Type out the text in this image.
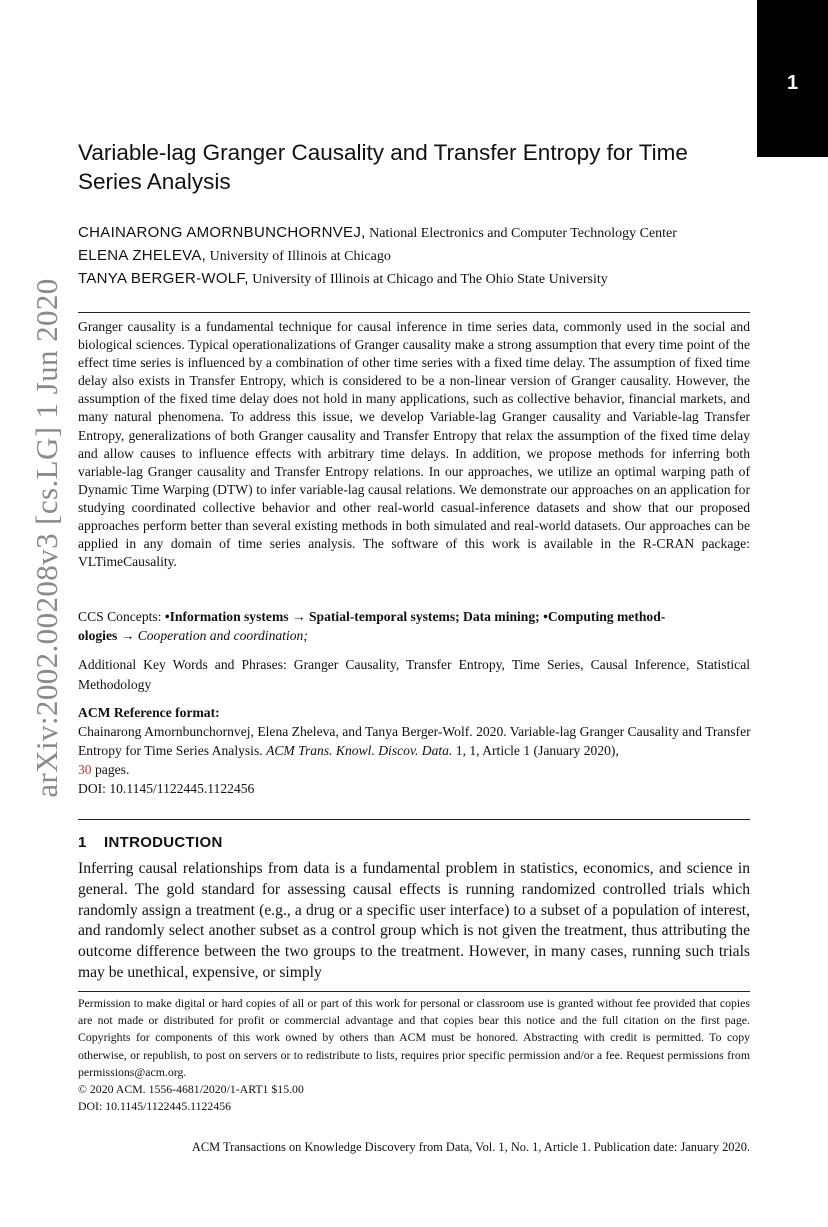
1
arXiv:2002.00208v3 [cs.LG] 1 Jun 2020
Variable-lag Granger Causality and Transfer Entropy for Time Series Analysis
CHAINARONG AMORNBUNCHORNVEJ, National Electronics and Computer Technology Center
ELENA ZHELEVA, University of Illinois at Chicago
TANYA BERGER-WOLF, University of Illinois at Chicago and The Ohio State University

Granger causality is a fundamental technique for causal inference in time series data, commonly used in the social and biological sciences. Typical operationalizations of Granger causality make a strong assumption that every time point of the effect time series is influenced by a combination of other time series with a fixed time delay. The assumption of fixed time delay also exists in Transfer Entropy, which is considered to be a non-linear version of Granger causality. However, the assumption of the fixed time delay does not hold in many applications, such as collective behavior, financial markets, and many natural phenomena. To address this issue, we develop Variable-lag Granger causality and Variable-lag Transfer Entropy, generalizations of both Granger causality and Transfer Entropy that relax the assumption of the fixed time delay and allow causes to influence effects with arbitrary time delays. In addition, we propose methods for inferring both variable-lag Granger causality and Transfer Entropy relations. In our approaches, we utilize an optimal warping path of Dynamic Time Warping (DTW) to infer variable-lag causal relations. We demonstrate our approaches on an application for studying coordinated collective behavior and other real-world casual-inference datasets and show that our proposed approaches perform better than several existing methods in both simulated and real-world datasets. Our approaches can be applied in any domain of time series analysis. The software of this work is available in the R-CRAN package: VLTimeCausality.

CCS Concepts: •Information systems → Spatial-temporal systems; Data mining; •Computing method-
ologies → Cooperation and coordination;

Additional Key Words and Phrases: Granger Causality, Transfer Entropy, Time Series, Causal Inference, Statistical Methodology

ACM Reference format:
Chainarong Amornbunchornvej, Elena Zheleva, and Tanya Berger-Wolf. 2020. Variable-lag Granger Causality and Transfer Entropy for Time Series Analysis. ACM Trans. Knowl. Discov. Data. 1, 1, Article 1 (January 2020),
30 pages.
DOI: 10.1145/1122445.1122456

1 INTRODUCTION

Inferring causal relationships from data is a fundamental problem in statistics, economics, and science in general. The gold standard for assessing causal effects is running randomized controlled trials which randomly assign a treatment (e.g., a drug or a specific user interface) to a subset of a population of interest, and randomly select another subset as a control group which is not given the treatment, thus attributing the outcome difference between the two groups to the treatment. However, in many cases, running such trials may be unethical, expensive, or simply

Permission to make digital or hard copies of all or part of this work for personal or classroom use is granted without fee provided that copies are not made or distributed for profit or commercial advantage and that copies bear this notice and the full citation on the first page. Copyrights for components of this work owned by others than ACM must be honored. Abstracting with credit is permitted. To copy otherwise, or republish, to post on servers or to redistribute to lists, requires prior specific permission and/or a fee. Request permissions from permissions@acm.org.
© 2020 ACM. 1556-4681/2020/1-ART1 $15.00
DOI: 10.1145/1122445.1122456

ACM Transactions on Knowledge Discovery from Data, Vol. 1, No. 1, Article 1. Publication date: January 2020.
